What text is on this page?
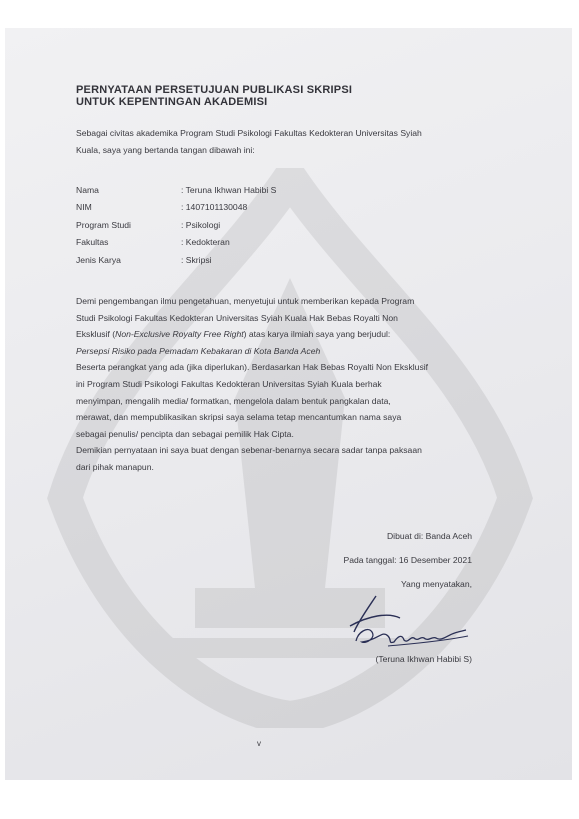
PERNYATAAN PERSETUJUAN PUBLIKASI SKRIPSI
UNTUK KEPENTINGAN AKADEMISI
Sebagai civitas akademika Program Studi Psikologi Fakultas Kedokteran Universitas Syiah
Kuala, saya yang bertanda tangan dibawah ini:
Nama	: Teruna Ikhwan Habibi S
NIM	: 1407101130048
Program Studi	: Psikologi
Fakultas	: Kedokteran
Jenis Karya	: Skripsi
Demi pengembangan ilmu pengetahuan, menyetujui untuk memberikan kepada Program
Studi Psikologi Fakultas Kedokteran Universitas Syiah Kuala Hak Bebas Royalti Non
Eksklusif (Non-Exclusive Royalty Free Right) atas karya ilmiah saya yang berjudul:
Persepsi Risiko pada Pemadam Kebakaran di Kota Banda Aceh
Beserta perangkat yang ada (jika diperlukan). Berdasarkan Hak Bebas Royalti Non Eksklusif
ini Program Studi Psikologi Fakultas Kedokteran Universitas Syiah Kuala berhak
menyimpan, mengalih media/ formatkan, mengelola dalam bentuk pangkalan data,
merawat, dan mempublikasikan skripsi saya selama tetap mencantumkan nama saya
sebagai penulis/ pencipta dan sebagai pemilik Hak Cipta.
Demikian pernyataan ini saya buat dengan sebenar-benarnya secara sadar tanpa paksaan
dari pihak manapun.
Dibuat di: Banda Aceh
Pada tanggal: 16 Desember 2021
Yang menyatakan,
(Teruna Ikhwan Habibi S)
v
